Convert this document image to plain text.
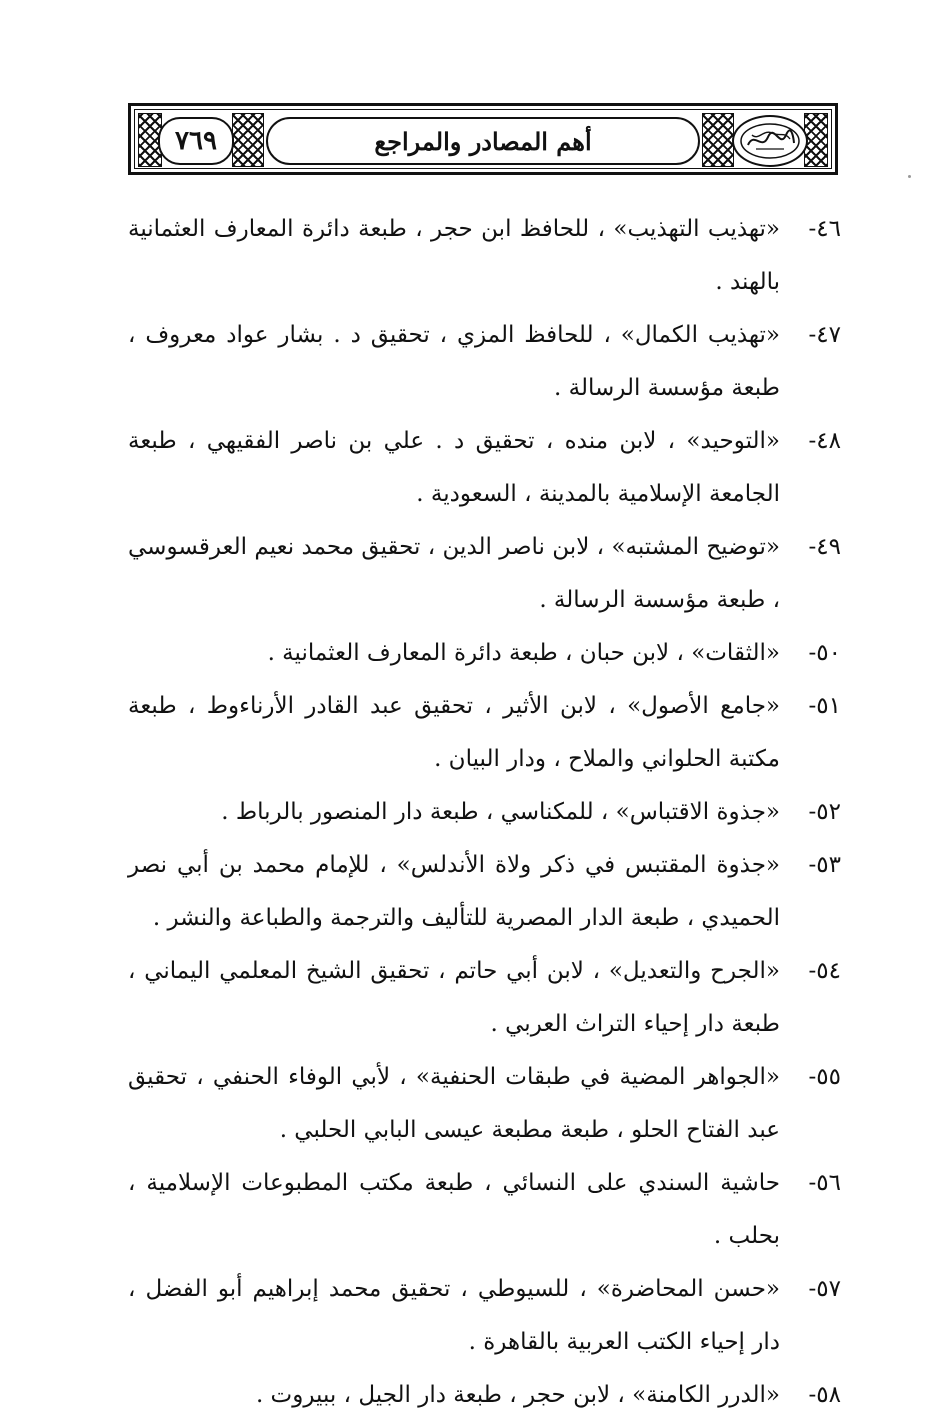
٧٦٩	أهم المصادر والمراجع
٤٦-
«تهذيب التهذيب» ، للحافظ ابن حجر ، طبعة دائرة المعارف العثمانية بالهند .
٤٧-
«تهذيب الكمال» ، للحافظ المزي ، تحقيق د . بشار عواد معروف ، طبعة مؤسسة الرسالة .
٤٨-
«التوحيد» ، لابن منده ، تحقيق د . علي بن ناصر الفقيهي ، طبعة الجامعة الإسلامية بالمدينة ، السعودية .
٤٩-
«توضيح المشتبه» ، لابن ناصر الدين ، تحقيق محمد نعيم العرقسوسي ، طبعة مؤسسة الرسالة .
٥٠-
«الثقات» ، لابن حبان ، طبعة دائرة المعارف العثمانية .
٥١-
«جامع الأصول» ، لابن الأثير ، تحقيق عبد القادر الأرناءوط ، طبعة مكتبة الحلواني والملاح ، ودار البيان .
٥٢-
«جذوة الاقتباس» ، للمكناسي ، طبعة دار المنصور بالرباط .
٥٣-
«جذوة المقتبس في ذكر ولاة الأندلس» ، للإمام محمد بن أبي نصر الحميدي ، طبعة الدار المصرية للتأليف والترجمة والطباعة والنشر .
٥٤-
«الجرح والتعديل» ، لابن أبي حاتم ، تحقيق الشيخ المعلمي اليماني ، طبعة دار إحياء التراث العربي .
٥٥-
«الجواهر المضية في طبقات الحنفية» ، لأبي الوفاء الحنفي ، تحقيق عبد الفتاح الحلو ، طبعة مطبعة عيسى البابي الحلبي .
٥٦-
حاشية السندي على النسائي ، طبعة مكتب المطبوعات الإسلامية ، بحلب .
٥٧-
«حسن المحاضرة» ، للسيوطي ، تحقيق محمد إبراهيم أبو الفضل ، دار إحياء الكتب العربية بالقاهرة .
٥٨-
«الدرر الكامنة» ، لابن حجر ، طبعة دار الجيل ، ببيروت .
